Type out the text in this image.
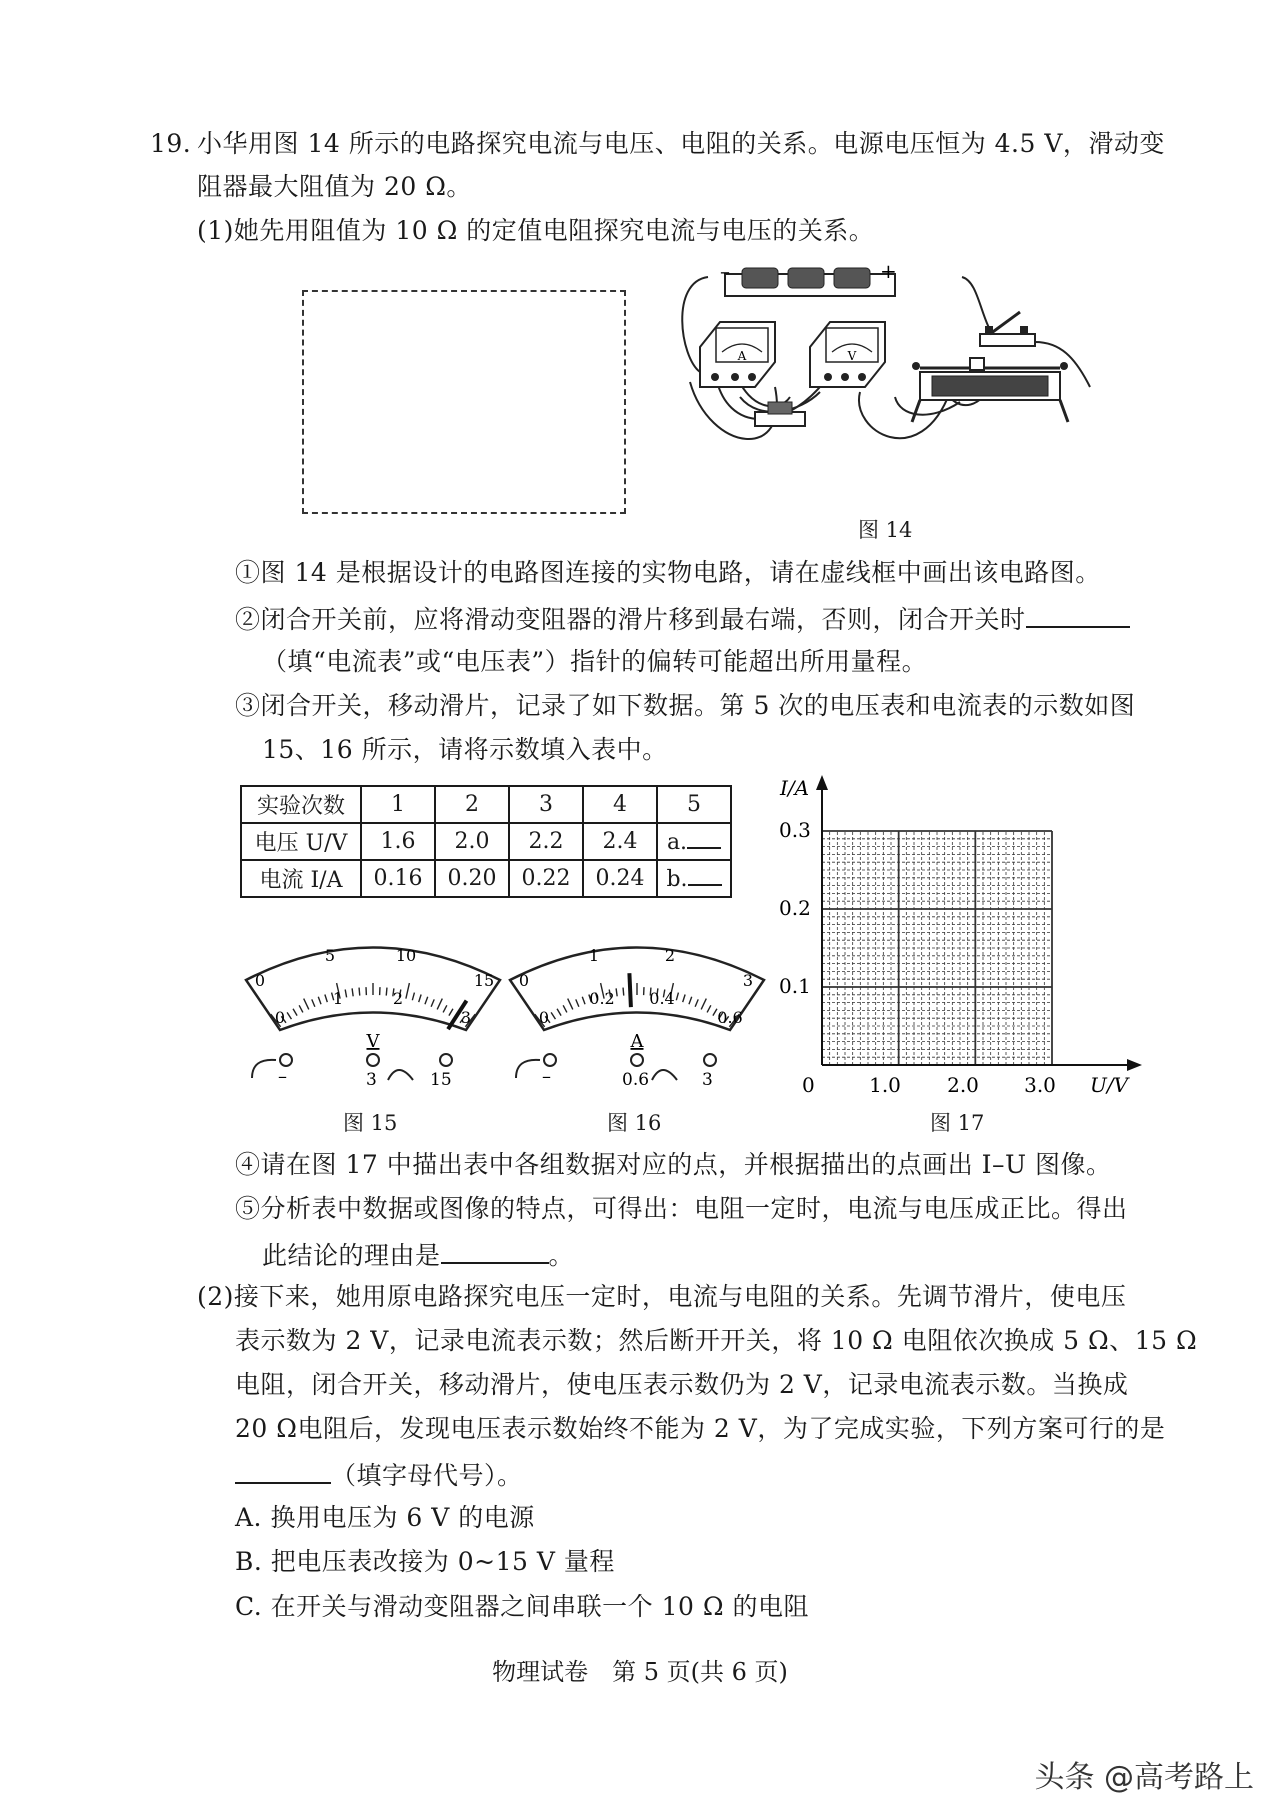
19. 小华用图 14 所示的电路探究电流与电压、电阻的关系。电源电压恒为 4.5 V，滑动变
阻器最大阻值为 20 Ω。
(1)她先用阻值为 10 Ω 的定值电阻探究电流与电压的关系。
–	+
A	V
图 14
①图 14 是根据设计的电路图连接的实物电路，请在虚线框中画出该电路图。
②闭合开关前，应将滑动变阻器的滑片移到最右端，否则，闭合开关时
（填“电流表”或“电压表”）指针的偏转可能超出所用量程。
③闭合开关，移动滑片，记录了如下数据。第 5 次的电压表和电流表的示数如图
15、16 所示，请将示数填入表中。
实验次数	1	2	3	4	5
电压 U/V	1.6	2.0	2.2	2.4	a.
电流 I/A	0.16	0.20	0.22	0.24	b.
0
5	10
15
0
1	2
3
V
–	3	15
图 15
0
1	2
3
0
0.2 0.4
0.6
A
–	0.6	3
图 16
I/A
0.3
0.2
0.1
0	1.0 2.0 3.0 U/V
图 17
④请在图 17 中描出表中各组数据对应的点，并根据描出的点画出 I–U 图像。
⑤分析表中数据或图像的特点，可得出：电阻一定时，电流与电压成正比。得出
此结论的理由是	。
(2)接下来，她用原电路探究电压一定时，电流与电阻的关系。先调节滑片，使电压
表示数为 2 V，记录电流表示数；然后断开开关，将 10 Ω 电阻依次换成 5 Ω、15 Ω
电阻，闭合开关，移动滑片，使电压表示数仍为 2 V，记录电流表示数。当换成
20 Ω电阻后，发现电压表示数始终不能为 2 V，为了完成实验，下列方案可行的是
（填字母代号）。
A. 换用电压为 6 V 的电源
B. 把电压表改接为 0~15 V 量程
C. 在开关与滑动变阻器之间串联一个 10 Ω 的电阻
物理试卷　第 5 页(共 6 页)
头条 @高考路上
